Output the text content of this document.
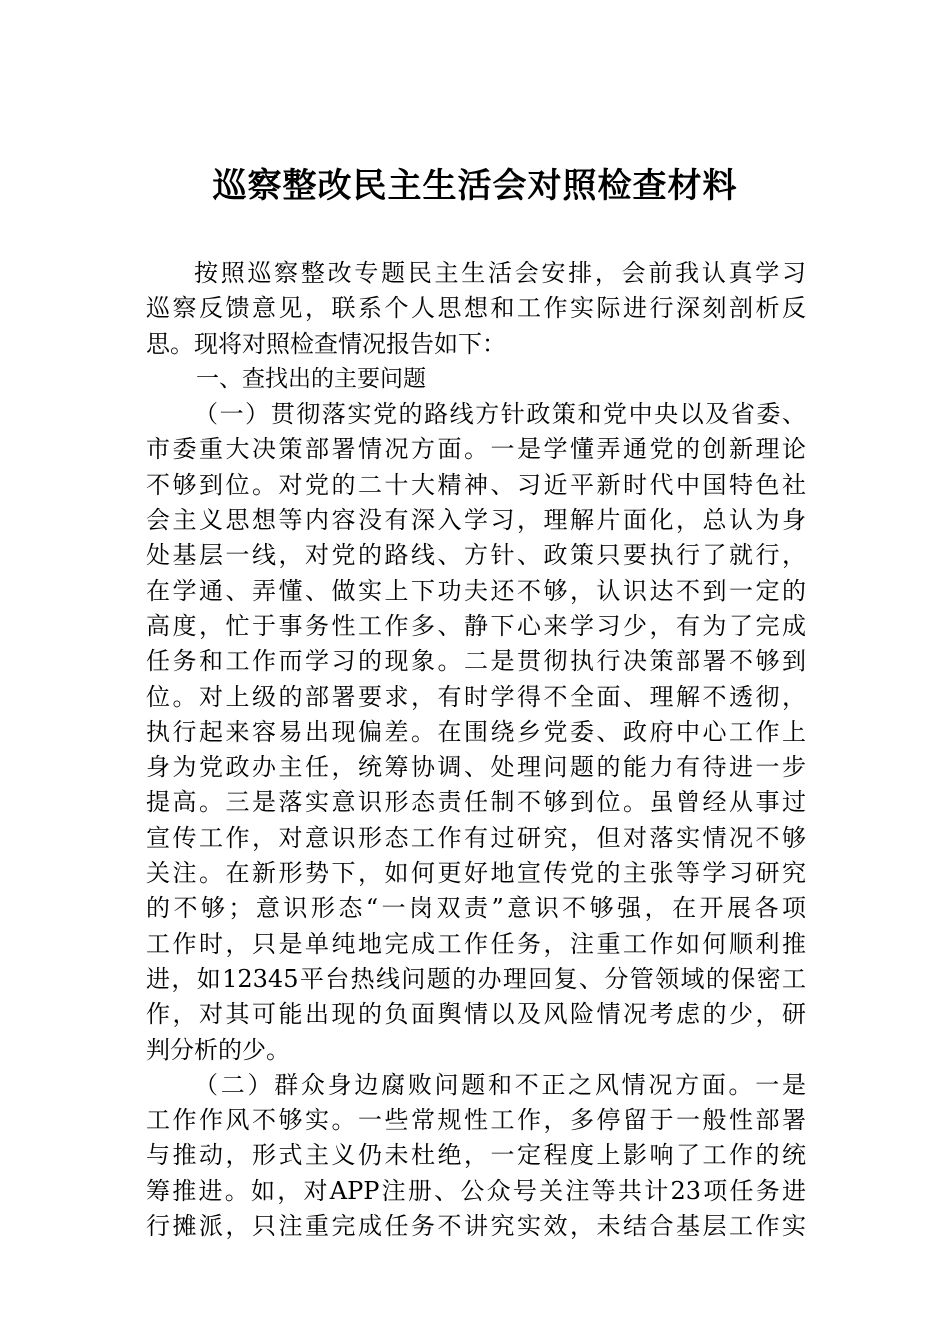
巡察整改民主生活会对照检查材料
按照巡察整改专题民主生活会安排，会前我认真学习
巡察反馈意见，联系个人思想和工作实际进行深刻剖析反
思。现将对照检查情况报告如下：
一、查找出的主要问题
（一）贯彻落实党的路线方针政策和党中央以及省委、
市委重大决策部署情况方面。一是学懂弄通党的创新理论
不够到位。对党的二十大精神、习近平新时代中国特色社
会主义思想等内容没有深入学习，理解片面化，总认为身
处基层一线，对党的路线、方针、政策只要执行了就行，
在学通、弄懂、做实上下功夫还不够，认识达不到一定的
高度，忙于事务性工作多、静下心来学习少，有为了完成
任务和工作而学习的现象。二是贯彻执行决策部署不够到
位。对上级的部署要求，有时学得不全面、理解不透彻，
执行起来容易出现偏差。在围绕乡党委、政府中心工作上
身为党政办主任，统筹协调、处理问题的能力有待进一步
提高。三是落实意识形态责任制不够到位。虽曾经从事过
宣传工作，对意识形态工作有过研究，但对落实情况不够
关注。在新形势下，如何更好地宣传党的主张等学习研究
的不够；意识形态“一岗双责”意识不够强，在开展各项
工作时，只是单纯地完成工作任务，注重工作如何顺利推
进，如12345平台热线问题的办理回复、分管领域的保密工
作，对其可能出现的负面舆情以及风险情况考虑的少，研
判分析的少。
（二）群众身边腐败问题和不正之风情况方面。一是
工作作风不够实。一些常规性工作，多停留于一般性部署
与推动，形式主义仍未杜绝，一定程度上影响了工作的统
筹推进。如，对APP注册、公众号关注等共计23项任务进
行摊派，只注重完成任务不讲究实效，未结合基层工作实
